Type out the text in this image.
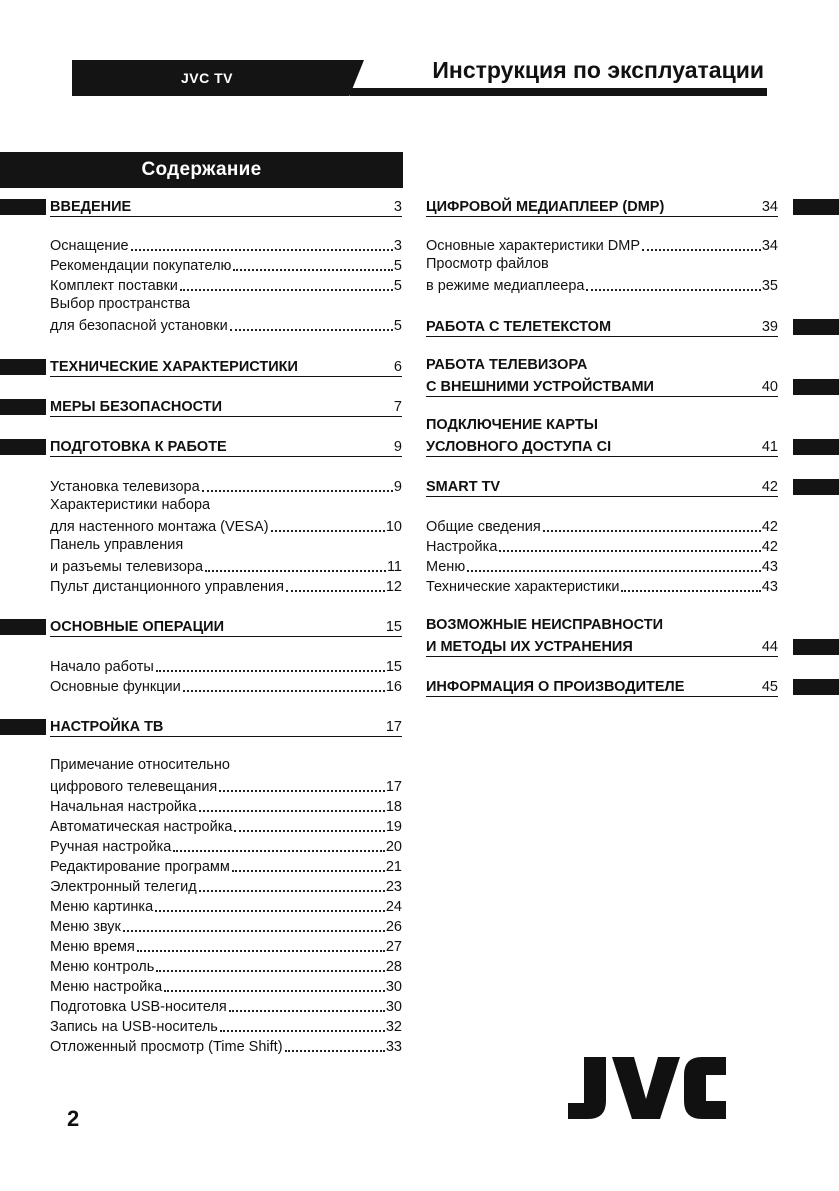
JVC TV	Инструкция по эксплуатации
Содержание
ВВЕДЕНИЕ	3
Оснащение	3
Рекомендации покупателю	5
Комплект поставки	5
Выбор пространства
для безопасной установки	5
ТЕХНИЧЕСКИЕ ХАРАКТЕРИСТИКИ	6
МЕРЫ БЕЗОПАСНОСТИ	7
ПОДГОТОВКА К РАБОТЕ	9
Установка телевизора	9
Характеристики набора
для настенного монтажа (VESA)	10
Панель управления
и разъемы телевизора	11
Пульт дистанционного управления	12
ОСНОВНЫЕ ОПЕРАЦИИ	15
Начало работы	15
Основные функции	16
НАСТРОЙКА ТВ	17
Примечание относительно
цифрового телевещания	17
Начальная настройка	18
Автоматическая настройка	19
Ручная настройка	20
Редактирование программ	21
Электронный телегид	23
Меню картинка	24
Меню звук	26
Меню время	27
Меню контроль	28
Меню настройка	30
Подготовка USB-носителя	30
Запись на USB-носитель	32
Отложенный просмотр (Time Shift)	33
ЦИФРОВОЙ МЕДИАПЛЕЕР (DMP)	34
Основные характеристики DMP	34
Просмотр файлов
в режиме медиаплеера	35
РАБОТА С ТЕЛЕТЕКСТОМ	39
РАБОТА ТЕЛЕВИЗОРА
С ВНЕШНИМИ УСТРОЙСТВАМИ	40
ПОДКЛЮЧЕНИЕ КАРТЫ
УСЛОВНОГО ДОСТУПА CI	41
SMART TV	42
Общие сведения	42
Настройка	42
Меню	43
Технические характеристики	43
ВОЗМОЖНЫЕ НЕИСПРАВНОСТИ
И МЕТОДЫ ИХ УСТРАНЕНИЯ	44
ИНФОРМАЦИЯ О ПРОИЗВОДИТЕЛЕ	45
2
